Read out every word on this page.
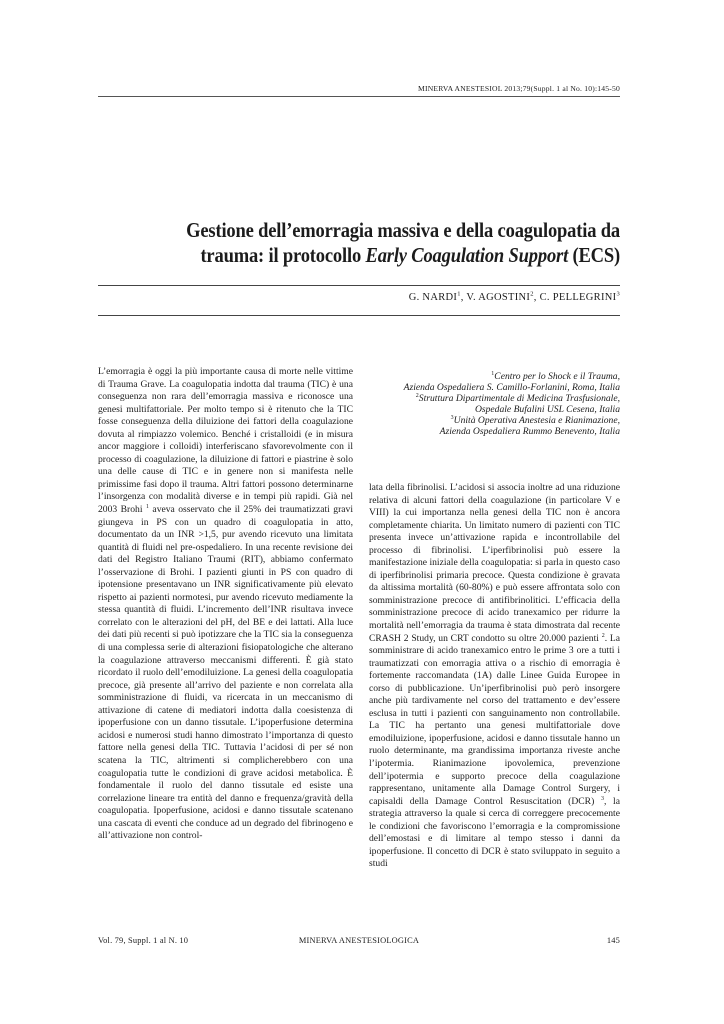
MINERVA ANESTESIOL 2013;79(Suppl. 1 al No. 10):145-50
Gestione dell’emorragia massiva e della coagulopatia da
trauma: il protocollo Early Coagulation Support (ECS)
G. NARDI$^1$, V. AGOSTINI$^2$, C. PELLEGRINI$^3$
$^1$Centro per lo Shock e il Trauma,
Azienda Ospedaliera S. Camillo-Forlanini, Roma, Italia
$^2$Struttura Dipartimentale di Medicina Trasfusionale,
Ospedale Bufalini USL Cesena, Italia
$^3$Unità Operativa Anestesia e Rianimazione,
Azienda Ospedaliera Rummo Benevento, Italia

L’emorragia è oggi la più importante causa di morte nelle vittime di Trauma Grave. La coagulopatia indotta dal trauma (TIC) è una conseguenza non rara dell’emorragia massiva e riconosce una genesi multifattoriale. Per molto tempo si è ritenuto che la TIC fosse conseguenza della diluizione dei fattori della coagulazione dovuta al rimpiazzo volemico. Benché i cristalloidi (e in misura ancor maggiore i colloidi) interferiscano sfavorevolmente con il processo di coagulazione, la diluizione di fattori e piastrine è solo una delle cause di TIC e in genere non si manifesta nelle primissime fasi dopo il trauma. Altri fattori possono determinarne l’insorgenza con modalità diverse e in tempi più rapidi. Già nel 2003 Brohi $^1$ aveva osservato che il 25% dei traumatizzati gravi giungeva in PS con un quadro di coagulopatia in atto, documentato da un INR >1,5, pur avendo ricevuto una limitata quantità di fluidi nel pre-ospedaliero. In una recente revisione dei dati del Registro Italiano Traumi (RIT), abbiamo confermato l’osservazione di Brohi. I pazienti giunti in PS con quadro di ipotensione presentavano un INR significativamente più elevato rispetto ai pazienti normotesi, pur avendo ricevuto mediamente la stessa quantità di fluidi. L’incremento dell’INR risultava invece correlato con le alterazioni del pH, del BE e dei lattati. Alla luce dei dati più recenti si può ipotizzare che la TIC sia la conseguenza di una complessa serie di alterazioni fisiopatologiche che alterano la coagulazione attraverso meccanismi differenti. È già stato ricordato il ruolo dell’emodiluizione. La genesi della coagulopatia precoce, già presente all’arrivo del paziente e non correlata alla somministrazione di fluidi, va ricercata in un meccanismo di attivazione di catene di mediatori indotta dalla coesistenza di ipoperfusione con un danno tissutale. L’ipoperfusione determina acidosi e numerosi studi hanno dimostrato l’importanza di questo fattore nella genesi della TIC. Tuttavia l’acidosi di per sé non scatena la TIC, altrimenti si complicherebbero con una coagulopatia tutte le condizioni di grave acidosi metabolica. È fondamentale il ruolo del danno tissutale ed esiste una correlazione lineare tra entità del danno e frequenza/gravità della coagulopatia. Ipoperfusione, acidosi e danno tissutale scatenano una cascata di eventi che conduce ad un degrado del fibrinogeno e all’attivazione non control-

lata della fibrinolisi. L’acidosi si associa inoltre ad una riduzione relativa di alcuni fattori della coagulazione (in particolare V e VIII) la cui importanza nella genesi della TIC non è ancora completamente chiarita. Un limitato numero di pazienti con TIC presenta invece un’attivazione rapida e incontrollabile del processo di fibrinolisi. L’iperfibrinolisi può essere la manifestazione iniziale della coagulopatia: si parla in questo caso di iperfibrinolisi primaria precoce. Questa condizione è gravata da altissima mortalità (60-80%) e può essere affrontata solo con somministrazione precoce di antifibrinolitici. L’efficacia della somministrazione precoce di acido tranexamico per ridurre la mortalità nell’emorragia da trauma è stata dimostrata dal recente CRASH 2 Study, un CRT condotto su oltre 20.000 pazienti $^2$. La somministrare di acido tranexamico entro le prime 3 ore a tutti i traumatizzati con emorragia attiva o a rischio di emorragia è fortemente raccomandata (1A) dalle Linee Guida Europee in corso di pubblicazione. Un’iperfibrinolisi può però insorgere anche più tardivamente nel corso del trattamento e dev’essere esclusa in tutti i pazienti con sanguinamento non controllabile. La TIC ha pertanto una genesi multifattoriale dove emodiluizione, ipoperfusione, acidosi e danno tissutale hanno un ruolo determinante, ma grandissima importanza riveste anche l’ipotermia. Rianimazione ipovolemica, prevenzione dell’ipotermia e supporto precoce della coagulazione rappresentano, unitamente alla Damage Control Surgery, i capisaldi della Damage Control Resuscitation (DCR) $^3$, la strategia attraverso la quale si cerca di correggere precocemente le condizioni che favoriscono l’emorragia e la compromissione dell’emostasi e di limitare al tempo stesso i danni da ipoperfusione. Il concetto di DCR è stato sviluppato in seguito a studi

Vol. 79, Suppl. 1 al N. 10	MINERVA ANESTESIOLOGICA	145
